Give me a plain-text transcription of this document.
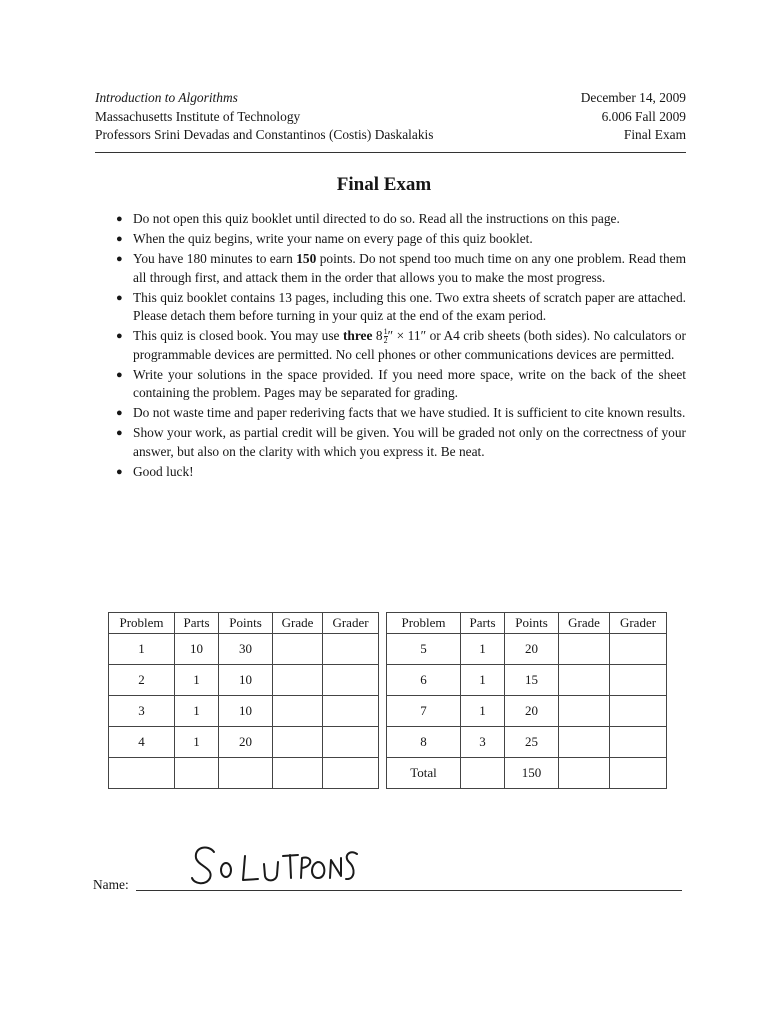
Introduction to Algorithms
Massachusetts Institute of Technology
Professors Srini Devadas and Constantinos (Costis) Daskalakis
December 14, 2009
6.006 Fall 2009
Final Exam
Final Exam
● Do not open this quiz booklet until directed to do so. Read all the instructions on this page.
● When the quiz begins, write your name on every page of this quiz booklet.
● You have 180 minutes to earn 150 points. Do not spend too much time on any one problem. Read them all through first, and attack them in the order that allows you to make the most progress.
● This quiz booklet contains 13 pages, including this one. Two extra sheets of scratch paper are attached. Please detach them before turning in your quiz at the end of the exam period.
● This quiz is closed book. You may use three $8 \frac{1}{2}$ ″ × 11″ or A4 crib sheets (both sides). No calculators or programmable devices are permitted. No cell phones or other communications devices are permitted.
● Write your solutions in the space provided. If you need more space, write on the back of the sheet containing the problem. Pages may be separated for grading.
● Do not waste time and paper rederiving facts that we have studied. It is sufficient to cite known results.
● Show your work, as partial credit will be given. You will be graded not only on the correctness of your answer, but also on the clarity with which you express it. Be neat.
● Good luck!
Problem	Parts	Points	Grade	Grader		Problem	Parts	Points	Grade	Grader
1	10	30				5	1	20		
2	1	10				6	1	15		
3	1	10				7	1	20		
4	1	20				8	3	25		
						Total		150		
Name:
